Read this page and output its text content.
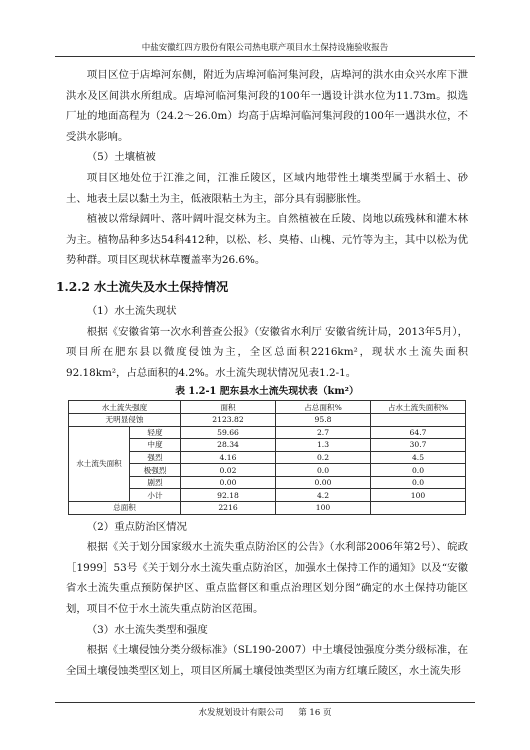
中盐安徽红四方股份有限公司热电联产项目水土保持设施验收报告

项目区位于店埠河东侧，附近为店埠河临河集河段，店埠河的洪水由众兴水库下泄洪水及区间洪水所组成。店埠河临河集河段的100年一遇设计洪水位为11.73m。拟选厂址的地面高程为（24.2～26.0m）均高于店埠河临河集河段的100年一遇洪水位，不受洪水影响。

（5）土壤植被

项目区地处位于江淮之间，江淮丘陵区，区域内地带性土壤类型属于水稻土、砂土、地表土层以黏土为主，低液限粘土为主，部分具有弱膨胀性。

植被以常绿阔叶、落叶阔叶混交林为主。自然植被在丘陵、岗地以疏残林和灌木林为主。植物品种多达54科412种，以松、杉、臭椿、山槐、元竹等为主，其中以松为优势种群。项目区现状林草覆盖率为26.6%。

1.2.2 水土流失及水土保持情况

（1）水土流失现状

根据《安徽省第一次水利普查公报》（安徽省水利厅 安徽省统计局，2013年5月），项目所在肥东县以微度侵蚀为主，全区总面积2216km²，现状水土流失面积92.18km²，占总面积的4.2%。水土流失现状情况见表1.2-1。

表 1.2-1 肥东县水土流失现状表（km²）
水土流失强度		面积	占总面积%	占水土流失面积%
无明显侵蚀		2123.82	95.8	
水土流失面积	轻度	59.66	2.7	64.7
	中度	28.34	1.3	30.7
	强烈	4.16	0.2	4.5
	极强烈	0.02	0.0	0.0
	剧烈	0.00	0.00	0.0
	小计	92.18	4.2	100
总面积		2216	100	

（2）重点防治区情况

根据《关于划分国家级水土流失重点防治区的公告》（水利部2006年第2号）、皖政［1999］53号《关于划分水土流失重点防治区，加强水土保持工作的通知》以及“安徽省水土流失重点预防保护区、重点监督区和重点治理区划分图”确定的水土保持功能区划，项目不位于水土流失重点防治区范围。

（3）水土流失类型和强度

根据《土壤侵蚀分类分级标准》（SL190-2007）中土壤侵蚀强度分类分级标准，在全国土壤侵蚀类型区划上，项目区所属土壤侵蚀类型区为南方红壤丘陵区，水土流失形

水发规划设计有限公司 第 16 页
